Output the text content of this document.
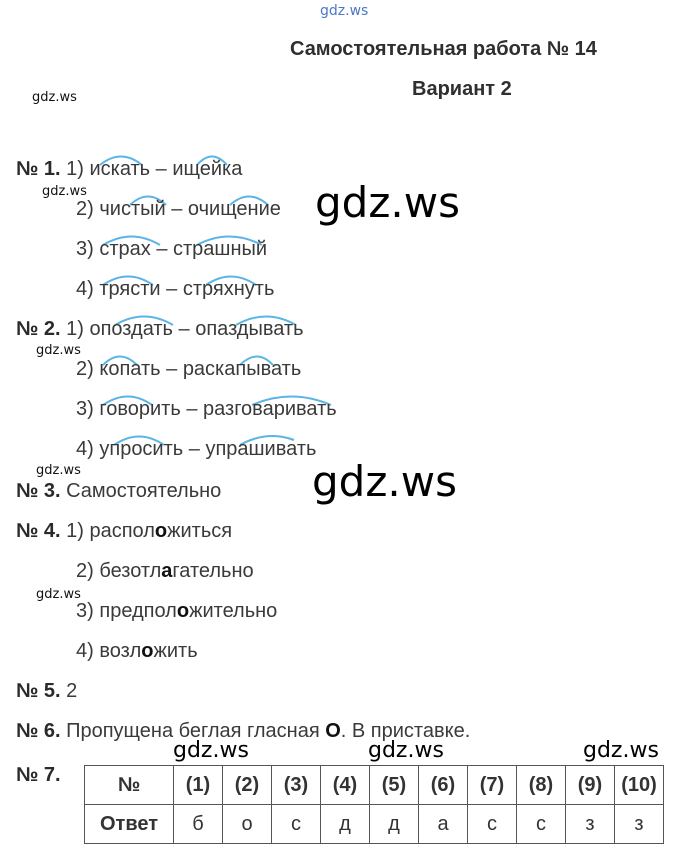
gdz.ws
gdz.ws
gdz.ws
gdz.ws
gdz.ws
gdz.ws
gdz.ws
gdz.ws
gdz.ws	gdz.ws	gdz.ws
Самостоятельная работа № 14
Вариант 2
№ 1. 1) искать – ищейка
2) чистый – очищение
3) страх – страшный
4) трясти – стряхнуть
№ 2. 1) опоздать – опаздывать
2) копать – раскапывать
3) говорить – разговаривать
4) упросить – упрашивать
№ 3. Самостоятельно
№ 4. 1) расположиться
2) безотлагательно
3) предположительно
4) возложить
№ 5. 2
№ 6. Пропущена беглая гласная О. В приставке.
№ 7.	№	(1)	(2)	(3)	(4)	(5)	(6)	(7)	(8)	(9)	(10)
Ответ	б	о	с	д	д	а	с	с	з	з
